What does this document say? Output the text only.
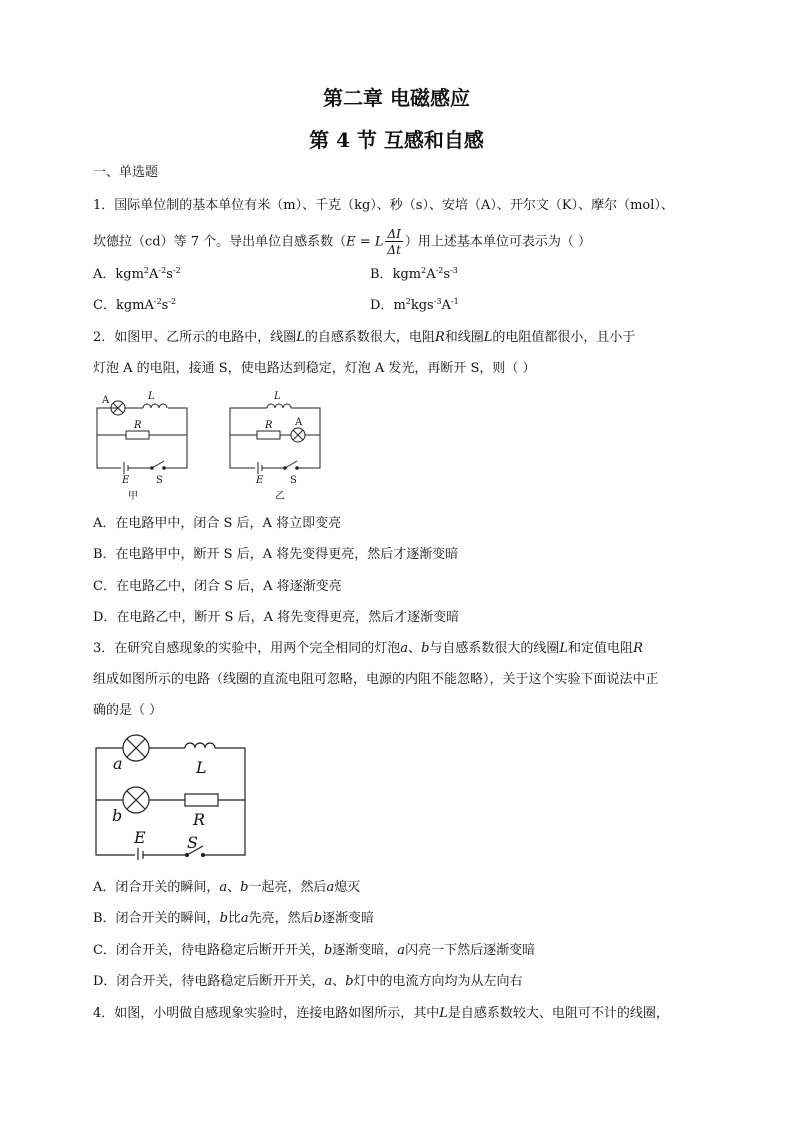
第二章 电磁感应
第 4 节 互感和自感
一、单选题
1．国际单位制的基本单位有米（m）、千克（kg）、秒（s）、安培（A）、开尔文（K）、摩尔（mol）、
坎德拉（cd）等 7 个。导出单位自感系数（E = L $\frac{\Delta I}{\Delta t}$ ）用上述基本单位可表示为（ ）
A．$kgm^2A^{-2}s^{-2}$	B．$kgm^2A^{-2}s^{-3}$
C．$kgmA^{-2}s^{-2}$	D．$m^2kgs^{-3}A^{-1}$
2．如图甲、乙所示的电路中，线圈L的自感系数很大，电阻R和线圈L的电阻值都很小，且小于
灯泡 A 的电阻，接通 S，使电路达到稳定，灯泡 A 发光，再断开 S，则（ ）
A	L
R
E	S
甲
L
R A
E	S
乙
A．在电路甲中，闭合 S 后，A 将立即变亮
B．在电路甲中，断开 S 后，A 将先变得更亮，然后才逐渐变暗
C．在电路乙中，闭合 S 后，A 将逐渐变亮
D．在电路乙中，断开 S 后，A 将先变得更亮，然后才逐渐变暗
3．在研究自感现象的实验中，用两个完全相同的灯泡a、b与自感系数很大的线圈L和定值电阻R
组成如图所示的电路（线圈的直流电阻可忽略，电源的内阻不能忽略），关于这个实验下面说法中正
确的是（ ）
a	L
b	R
E	S
A．闭合开关的瞬间，a、b一起亮，然后a熄灭
B．闭合开关的瞬间，b比a先亮，然后b逐渐变暗
C．闭合开关，待电路稳定后断开开关，b逐渐变暗，a闪亮一下然后逐渐变暗
D．闭合开关，待电路稳定后断开开关，a、b灯中的电流方向均为从左向右
4．如图，小明做自感现象实验时，连接电路如图所示，其中L是自感系数较大、电阻可不计的线圈，
